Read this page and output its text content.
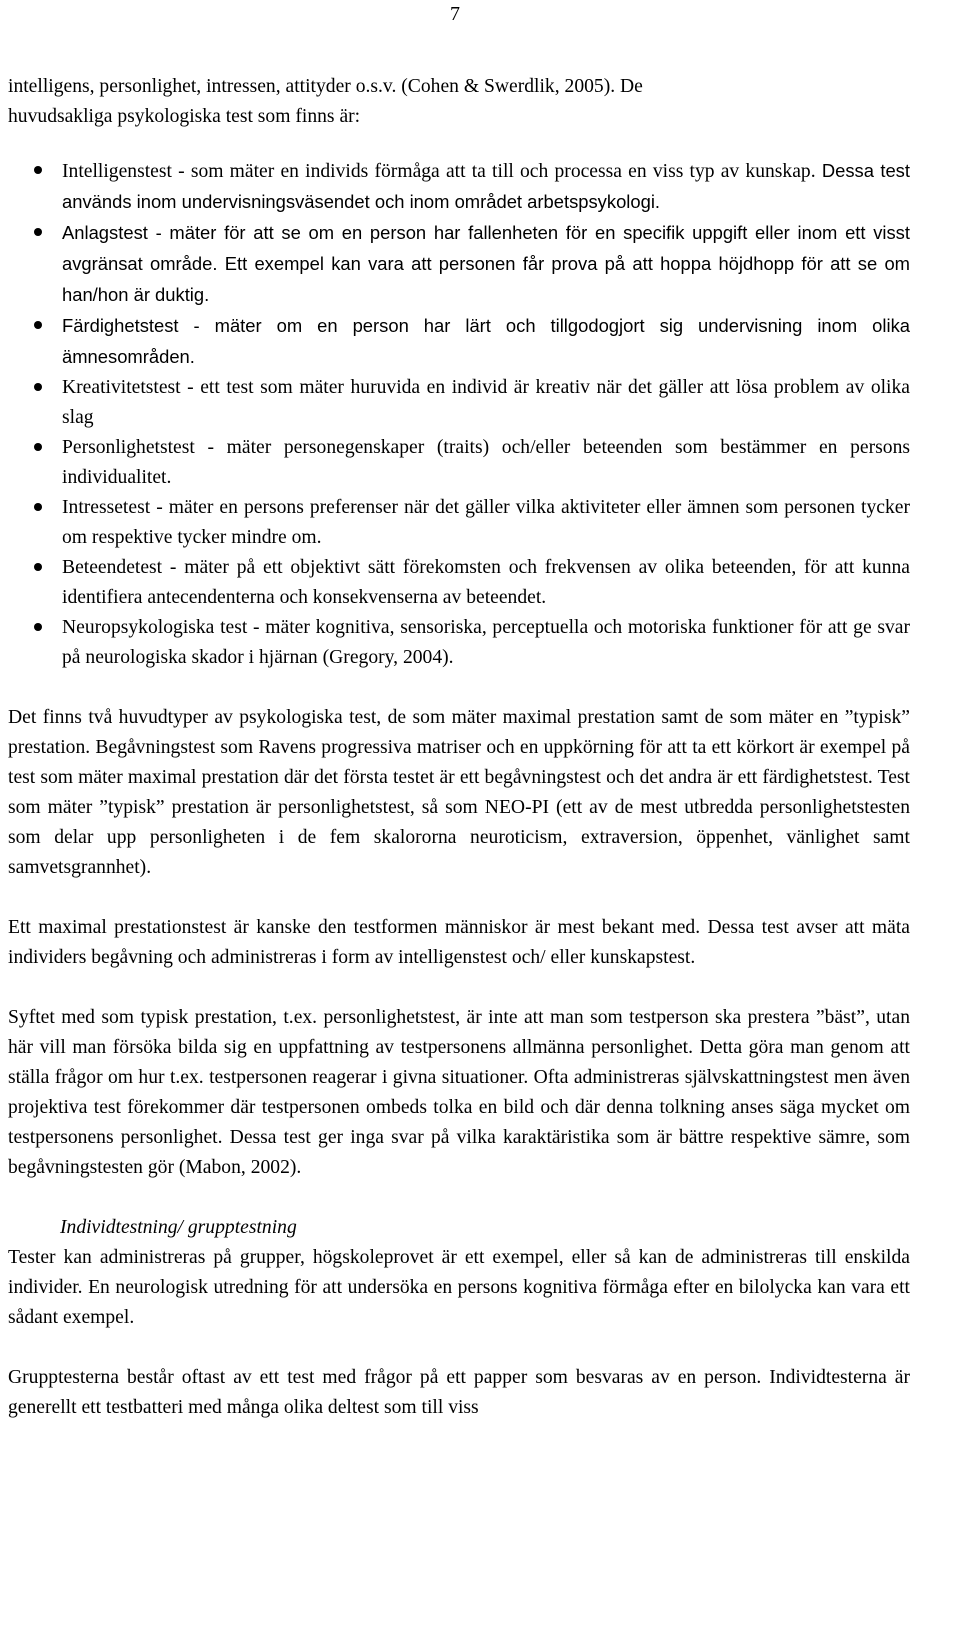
7

intelligens, personlighet, intressen, attityder o.s.v. (Cohen & Swerdlik, 2005). De
huvudsakliga psykologiska test som finns är:

Intelligenstest - som mäter en individs förmåga att ta till och processa en viss typ av kunskap. Dessa test används inom undervisningsväsendet och inom området arbetspsykologi.
Anlagstest - mäter för att se om en person har fallenheten för en specifik uppgift eller inom ett visst avgränsat område. Ett exempel kan vara att personen får prova på att hoppa höjdhopp för att se om han/hon är duktig.
Färdighetstest - mäter om en person har lärt och tillgodogjort sig undervisning inom olika ämnesområden.
Kreativitetstest - ett test som mäter huruvida en individ är kreativ när det gäller att lösa problem av olika slag
Personlighetstest - mäter personegenskaper (traits) och/eller beteenden som bestämmer en persons individualitet.
Intressetest - mäter en persons preferenser när det gäller vilka aktiviteter eller ämnen som personen tycker om respektive tycker mindre om.
Beteendetest - mäter på ett objektivt sätt förekomsten och frekvensen av olika beteenden, för att kunna identifiera antecendenterna och konsekvenserna av beteendet.
Neuropsykologiska test - mäter kognitiva, sensoriska, perceptuella och motoriska funktioner för att ge svar på neurologiska skador i hjärnan (Gregory, 2004).

Det finns två huvudtyper av psykologiska test, de som mäter maximal prestation samt de som mäter en ”typisk” prestation. Begåvningstest som Ravens progressiva matriser och en uppkörning för att ta ett körkort är exempel på test som mäter maximal prestation där det första testet är ett begåvningstest och det andra är ett färdighetstest. Test som mäter ”typisk” prestation är personlighetstest, så som NEO-PI (ett av de mest utbredda personlighetstesten som delar upp personligheten i de fem skalororna neuroticism, extraversion, öppenhet, vänlighet samt samvetsgrannhet).

Ett maximal prestationstest är kanske den testformen människor är mest bekant med. Dessa test avser att mäta individers begåvning och administreras i form av intelligenstest och/ eller kunskapstest.

Syftet med som typisk prestation, t.ex. personlighetstest, är inte att man som testperson ska prestera ”bäst”, utan här vill man försöka bilda sig en uppfattning av testpersonens allmänna personlighet. Detta göra man genom att ställa frågor om hur t.ex. testpersonen reagerar i givna situationer. Ofta administreras självskattningstest men även projektiva test förekommer där testpersonen ombeds tolka en bild och där denna tolkning anses säga mycket om testpersonens personlighet. Dessa test ger inga svar på vilka karaktäristika som är bättre respektive sämre, som begåvningstesten gör (Mabon, 2002).

Individtestning/ grupptestning

Tester kan administreras på grupper, högskoleprovet är ett exempel, eller så kan de administreras till enskilda individer. En neurologisk utredning för att undersöka en persons kognitiva förmåga efter en bilolycka kan vara ett sådant exempel.

Grupptesterna består oftast av ett test med frågor på ett papper som besvaras av en person. Individtesterna är generellt ett testbatteri med många olika deltest som till viss
